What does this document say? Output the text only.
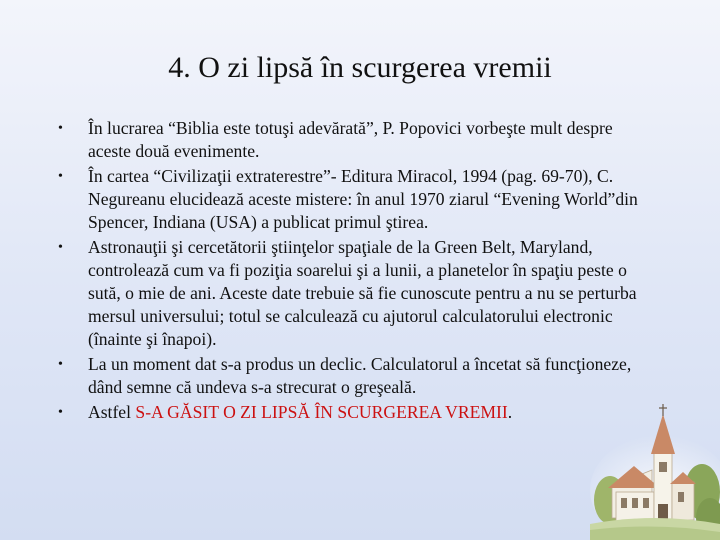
4. O zi lipsă în scurgerea vremii
• În lucrarea “Biblia este totuşi adevărată”, P. Popovici vorbeşte mult despre aceste două evenimente.
• În cartea “Civilizaţii extraterestre”- Editura Miracol, 1994 (pag. 69-70), C. Negureanu elucidează aceste mistere: în anul 1970 ziarul “Evening World”din Spencer, Indiana (USA) a publicat primul ştirea.
• Astronauţii şi cercetătorii ştiinţelor spaţiale de la Green Belt, Maryland, controlează cum va fi poziţia soarelui şi a lunii, a planetelor în spaţiu peste o sută, o mie de ani. Aceste date trebuie să fie cunoscute pentru a nu se perturba mersul universului; totul se calculează cu ajutorul calculatorului electronic (înainte şi înapoi).
• La un moment dat s-a produs un declic. Calculatorul a încetat să funcţioneze, dând semne că undeva s-a strecurat o greşeală.
• Astfel S-A GĂSIT O ZI LIPSĂ ÎN SCURGEREA VREMII.
